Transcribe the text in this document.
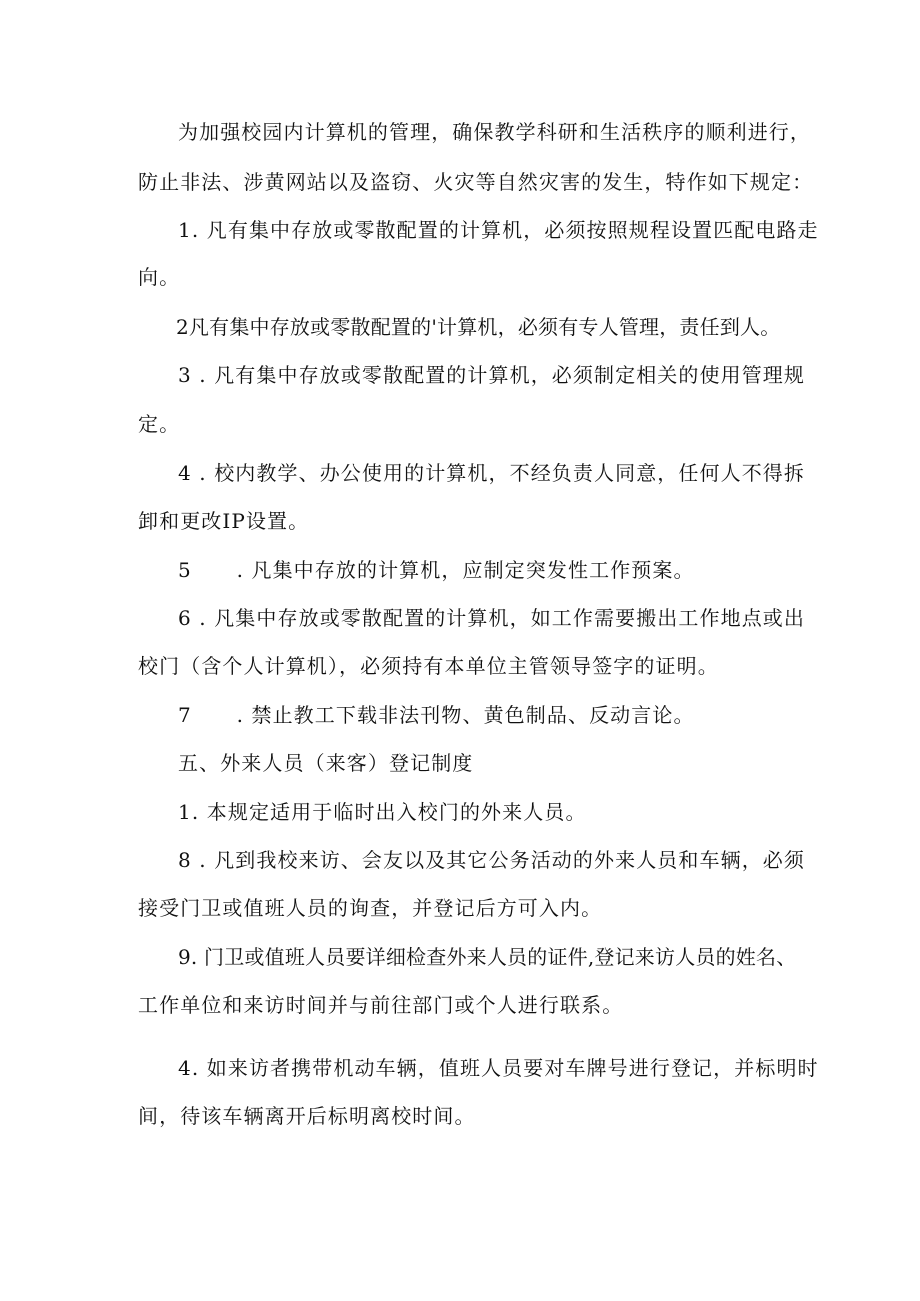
为加强校园内计算机的管理，确保教学科研和生活秩序的顺利进行，
防止非法、涉黄网站以及盗窃、火灾等自然灾害的发生，特作如下规定：
1. 凡有集中存放或零散配置的计算机，必须按照规程设置匹配电路走
向。
2凡有集中存放或零散配置的'计算机，必须有专人管理，责任到人。
3 . 凡有集中存放或零散配置的计算机，必须制定相关的使用管理规
定。
4 . 校内教学、办公使用的计算机，不经负责人同意，任何人不得拆
卸和更改IP设置。
5      . 凡集中存放的计算机，应制定突发性工作预案。
6 . 凡集中存放或零散配置的计算机，如工作需要搬出工作地点或出
校门（含个人计算机），必须持有本单位主管领导签字的证明。
7      . 禁止教工下载非法刊物、黄色制品、反动言论。
五、外来人员（来客）登记制度
1. 本规定适用于临时出入校门的外来人员。
8 . 凡到我校来访、会友以及其它公务活动的外来人员和车辆，必须
接受门卫或值班人员的询查，并登记后方可入内。
9. 门卫或值班人员要详细检查外来人员的证件,登记来访人员的姓名、
工作单位和来访时间并与前往部门或个人进行联系。
4. 如来访者携带机动车辆，值班人员要对车牌号进行登记，并标明时
间，待该车辆离开后标明离校时间。
